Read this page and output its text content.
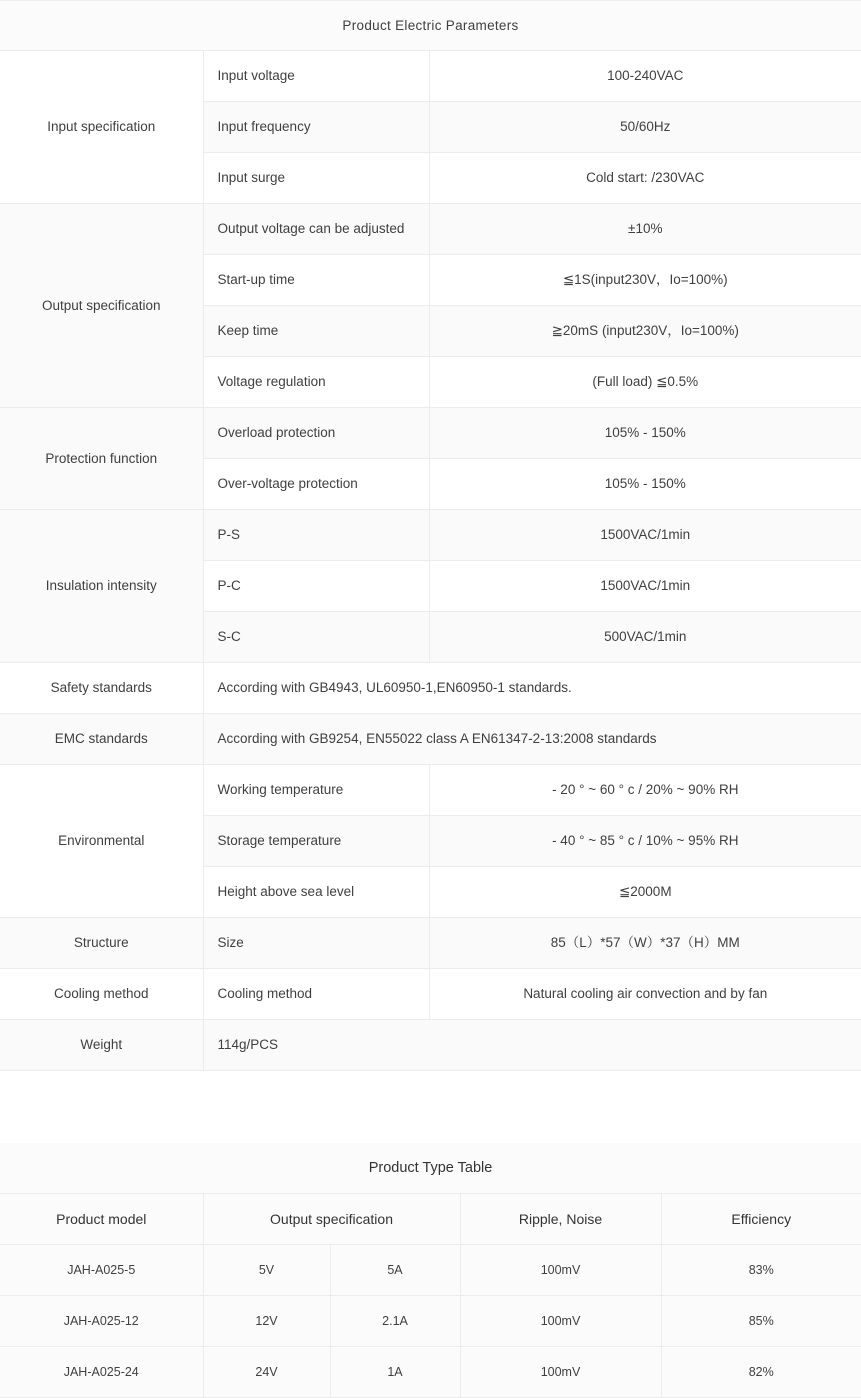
Product Electric Parameters		
Input specification	Input voltage	100-240VAC
	Input frequency	50/60Hz
	Input surge	Cold start: /230VAC
Output specification	Output voltage can be adjusted	±10%
	Start-up time	≦1S(input230V，Io=100%)
	Keep time	≧20mS (input230V，Io=100%)
	Voltage regulation	(Full load) ≦0.5%
Protection function	Overload protection	105% - 150%
	Over-voltage protection	105% - 150%
Insulation intensity	P-S	1500VAC/1min
	P-C	1500VAC/1min
	S-C	500VAC/1min
Safety standards	According with GB4943, UL60950-1,EN60950-1 standards.	
EMC standards	According with GB9254, EN55022 class A EN61347-2-13:2008 standards	
Environmental	Working temperature	- 20 ° ~ 60 ° c / 20% ~ 90% RH
	Storage temperature	- 40 ° ~ 85 ° c / 10% ~ 95% RH
	Height above sea level	≦2000M
Structure	Size	85（L）*57（W）*37（H）MM
Cooling method	Cooling method	Natural cooling air convection and by fan
Weight	114g/PCS	
Product Type Table				
Product model	Output specification		Ripple, Noise	Efficiency
JAH-A025-5	5V	5A	100mV	83%
JAH-A025-12	12V	2.1A	100mV	85%
JAH-A025-24	24V	1A	100mV	82%
